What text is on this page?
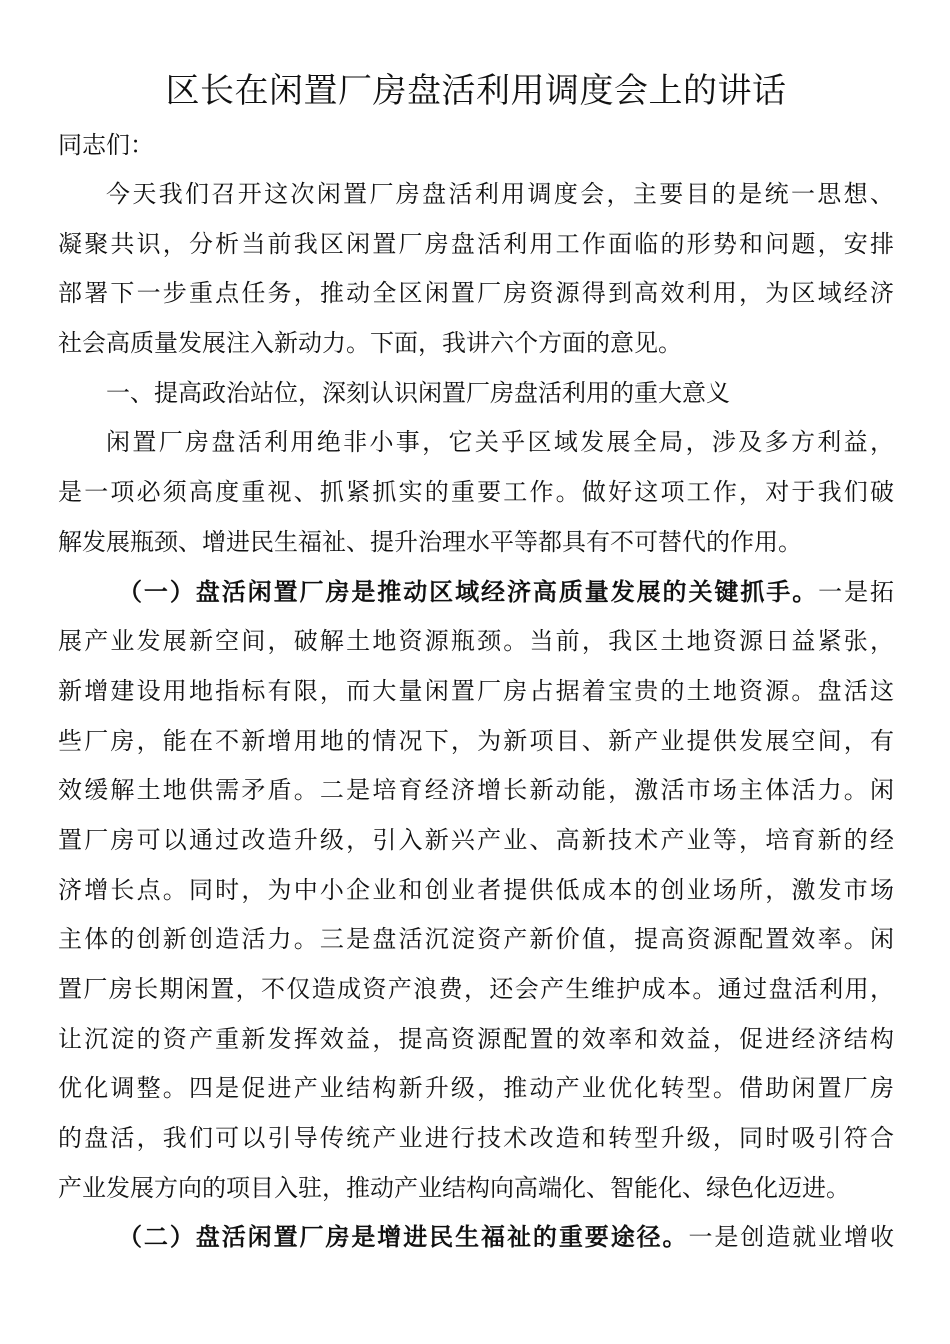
区长在闲置厂房盘活利用调度会上的讲话

同志们：

今天我们召开这次闲置厂房盘活利用调度会，主要目的是统一思想、
凝聚共识，分析当前我区闲置厂房盘活利用工作面临的形势和问题，安排
部署下一步重点任务，推动全区闲置厂房资源得到高效利用，为区域经济
社会高质量发展注入新动力。下面，我讲六个方面的意见。

一、提高政治站位，深刻认识闲置厂房盘活利用的重大意义

闲置厂房盘活利用绝非小事，它关乎区域发展全局，涉及多方利益，
是一项必须高度重视、抓紧抓实的重要工作。做好这项工作，对于我们破
解发展瓶颈、增进民生福祉、提升治理水平等都具有不可替代的作用。

（一）盘活闲置厂房是推动区域经济高质量发展的关键抓手。一是拓
展产业发展新空间，破解土地资源瓶颈。当前，我区土地资源日益紧张，
新增建设用地指标有限，而大量闲置厂房占据着宝贵的土地资源。盘活这
些厂房，能在不新增用地的情况下，为新项目、新产业提供发展空间，有
效缓解土地供需矛盾。二是培育经济增长新动能，激活市场主体活力。闲
置厂房可以通过改造升级，引入新兴产业、高新技术产业等，培育新的经
济增长点。同时，为中小企业和创业者提供低成本的创业场所，激发市场
主体的创新创造活力。三是盘活沉淀资产新价值，提高资源配置效率。闲
置厂房长期闲置，不仅造成资产浪费，还会产生维护成本。通过盘活利用，
让沉淀的资产重新发挥效益，提高资源配置的效率和效益，促进经济结构
优化调整。四是促进产业结构新升级，推动产业优化转型。借助闲置厂房
的盘活，我们可以引导传统产业进行技术改造和转型升级，同时吸引符合
产业发展方向的项目入驻，推动产业结构向高端化、智能化、绿色化迈进。

（二）盘活闲置厂房是增进民生福祉的重要途径。一是创造就业增收
